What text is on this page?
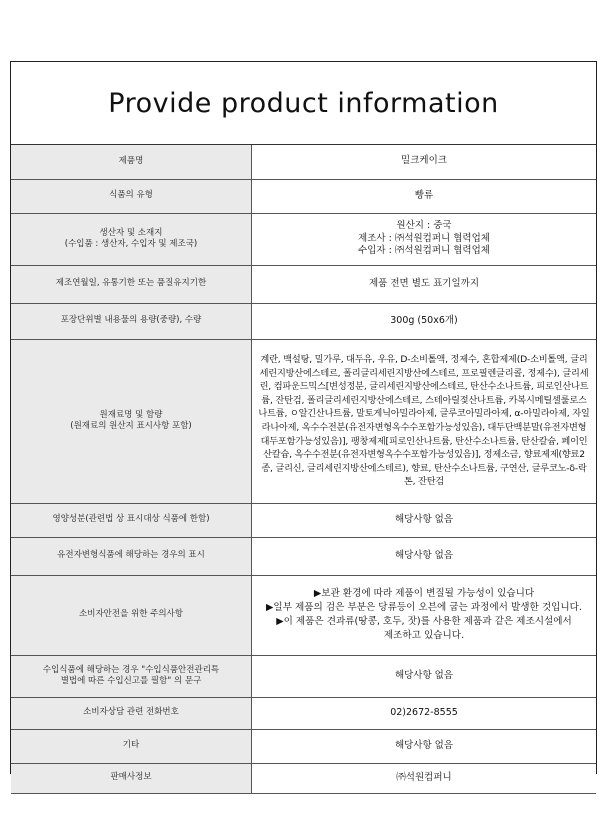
Provide product information
제품명	밀크케이크

식품의 유형	빵류

생산자 및 소재지
(수입품 : 생산자, 수입자 및 제조국)	원산지 : 중국
제조사 : ㈜석원컴퍼니 협력업체
수입자 : ㈜석원컴퍼니 협력업체

제조연월일, 유통기한 또는 품질유지기한	제품 전면 별도 표기일까지

포장단위별 내용물의 용량(중량), 수량	300g (50x6개)

원재료명 및 함량
(원재료의 원산지 표시사항 포함)	계란, 백설탕, 밀가루, 대두유, 우유, D-소비톨액, 정제수, 혼합제제(D-소비톨액, 글리세린지방산에스테르, 폴리글리세린지방산에스테르, 프로필렌글리콜, 정제수), 글리세린, 컴파운드믹스[변성정분, 글리세린지방산에스테르, 탄산수소나트륨, 피로인산나트륨, 잔탄검, 폴리글리세린지방산에스테르, 스테아릴젖산나트륨, 카복시메틸셀룰로스나트륨, ㅇ알긴산나트륨, 말토게닉아밀라아제, 글루코아밀라아제, α-아밀라아제, 자일라나아제, 옥수수전분(유전자변형옥수수포함가능성있음), 대두단백분말(유전자변형대두포함가능성있음)], 팽창제제[피로인산나트륨, 탄산수소나트륨, 탄산칼슘, 페이인산칼슘, 옥수수전분(유전자변형옥수수포함가능성있음)], 정제소금, 향료제제(향료2종, 글리신, 글리세린지방산에스테르), 향료, 탄산수소나트륨, 구연산, 글루코노-δ-락톤, 잔탄검

영양성분(관련법 상 표시대상 식품에 한함)	해당사항 없음

유전자변형식품에 해당하는 경우의 표시	해당사항 없음

소비자안전을 위한 주의사항	▶보관 환경에 따라 제품이 변질될 가능성이 있습니다
▶일부 제품의 검은 부분은 당류등이 오븐에 굽는 과정에서 발생한 것입니다.
▶이 제품은 견과류(땅콩, 호두, 잣)를 사용한 제품과 같은 제조시설에서
제조하고 있습니다.

수입식품에 해당하는 경우 "수입식품안전관리특
별법에 따른 수입신고를 필함" 의 문구	해당사항 없음

소비자상담 관련 전화번호	02)2672-8555

기타	해당사항 없음

판매사정보	㈜석원컴퍼니
